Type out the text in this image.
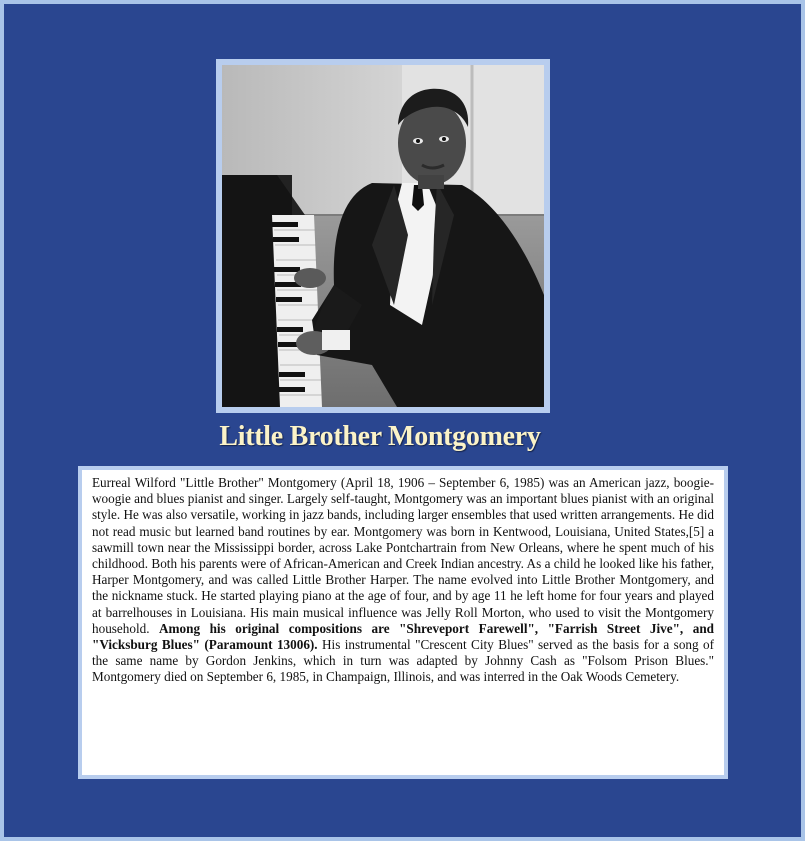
Little Brother Montgomery

Eurreal Wilford "Little Brother" Montgomery (April 18, 1906 – September 6, 1985) was an American jazz, boogie-woogie and blues pianist and singer. Largely self-taught, Montgomery was an important blues pianist with an original style. He was also versatile, working in jazz bands, including larger ensembles that used written arrangements. He did not read music but learned band routines by ear. Montgomery was born in Kentwood, Louisiana, United States,[5] a sawmill town near the Mississippi border, across Lake Pontchartrain from New Orleans, where he spent much of his childhood. Both his parents were of African-American and Creek Indian ancestry. As a child he looked like his father, Harper Montgomery, and was called Little Brother Harper. The name evolved into Little Brother Montgomery, and the nickname stuck. He started playing piano at the age of four, and by age 11 he left home for four years and played at barrelhouses in Louisiana. His main musical influence was Jelly Roll Morton, who used to visit the Montgomery household. Among his original compositions are "Shreveport Farewell", "Farrish Street Jive", and "Vicksburg Blues" (Paramount 13006). His instrumental "Crescent City Blues" served as the basis for a song of the same name by Gordon Jenkins, which in turn was adapted by Johnny Cash as "Folsom Prison Blues." Montgomery died on September 6, 1985, in Champaign, Illinois, and was interred in the Oak Woods Cemetery.
